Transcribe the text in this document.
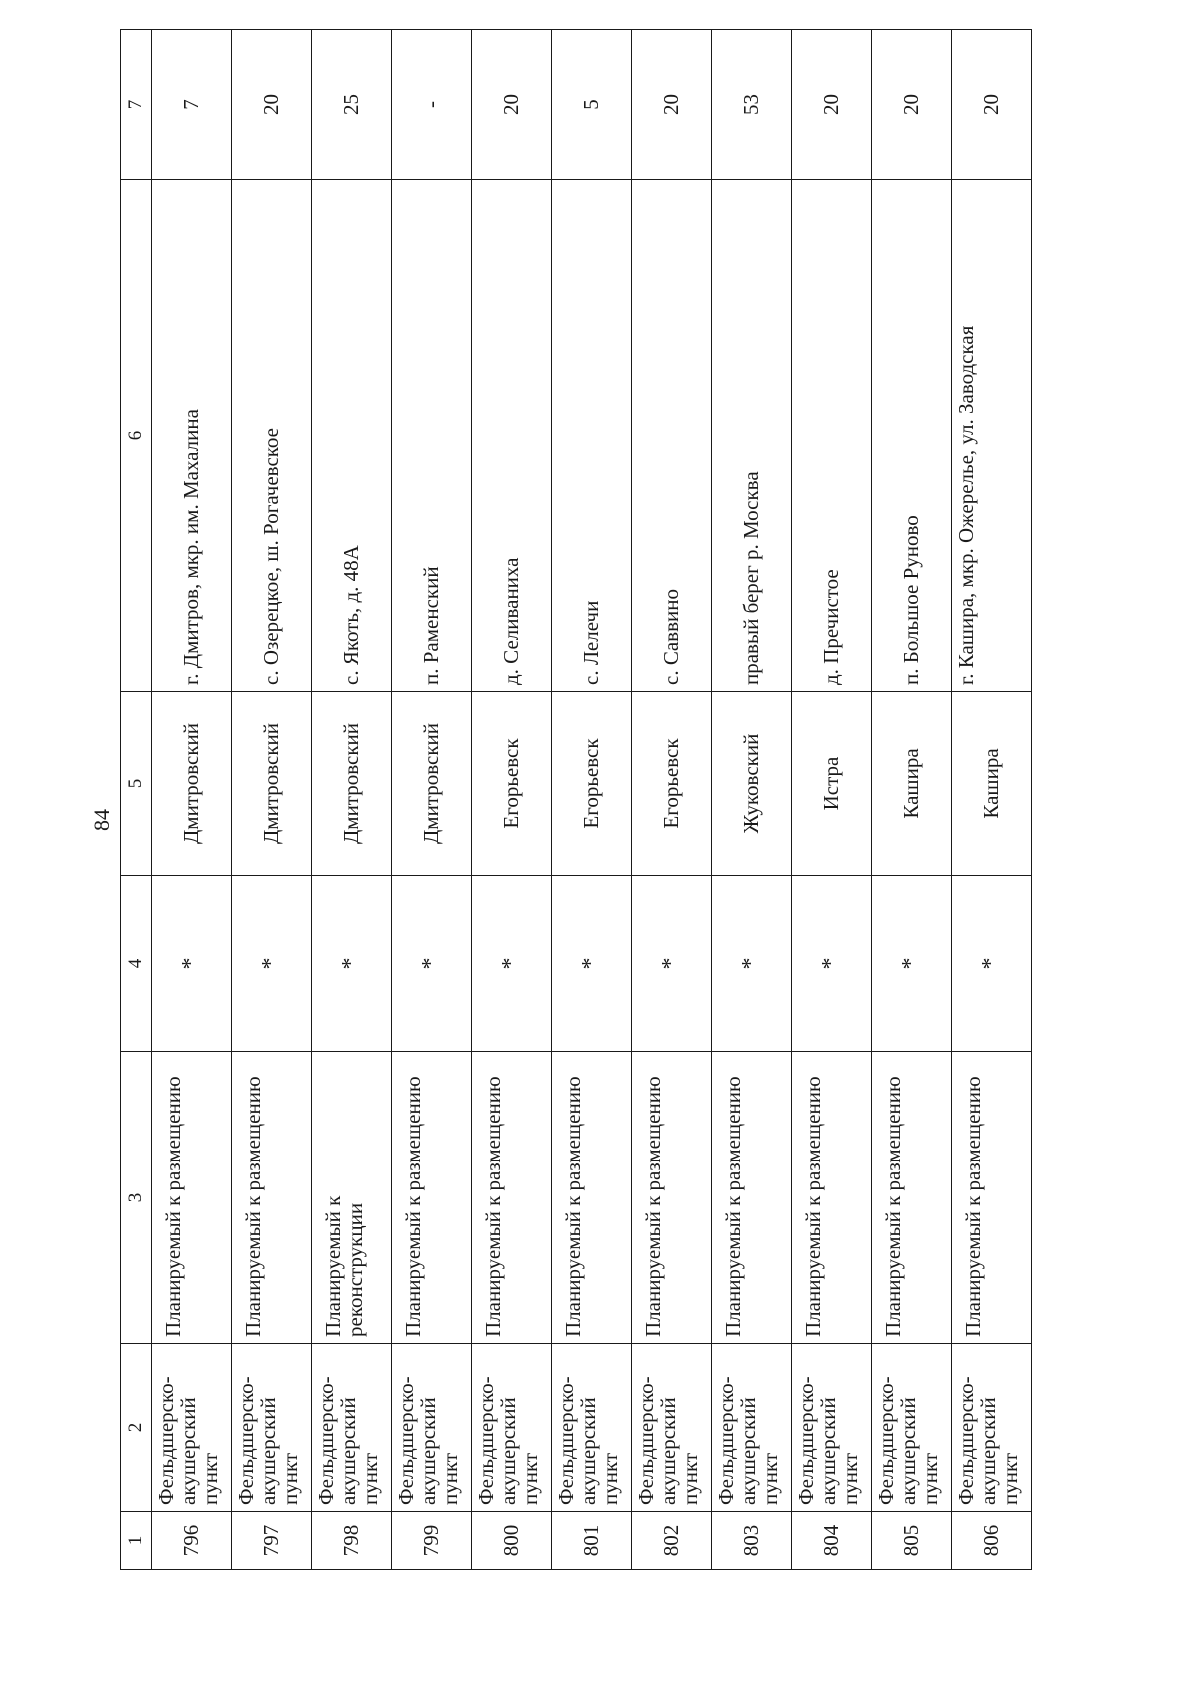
84
1	2	3	4	5	6	7
796	Фельдшерско-акушерский пункт	Планируемый к размещению	*	Дмитровский	г. Дмитров, мкр. им. Махалина	7
797	Фельдшерско-акушерский пункт	Планируемый к размещению	*	Дмитровский	с. Озерецкое, ш. Рогачевское	20
798	Фельдшерско-акушерский пункт	Планируемый к реконструкции	*	Дмитровский	с. Якоть, д. 48А	25
799	Фельдшерско-акушерский пункт	Планируемый к размещению	*	Дмитровский	п. Раменский	-
800	Фельдшерско-акушерский пункт	Планируемый к размещению	*	Егорьевск	д. Селиваниха	20
801	Фельдшерско-акушерский пункт	Планируемый к размещению	*	Егорьевск	с. Лелечи	5
802	Фельдшерско-акушерский пункт	Планируемый к размещению	*	Егорьевск	с. Саввино	20
803	Фельдшерско-акушерский пункт	Планируемый к размещению	*	Жуковский	правый берег р. Москва	53
804	Фельдшерско-акушерский пункт	Планируемый к размещению	*	Истра	д. Пречистое	20
805	Фельдшерско-акушерский пункт	Планируемый к размещению	*	Кашира	п. Большое Руново	20
806	Фельдшерско-акушерский пункт	Планируемый к размещению	*	Кашира	г. Кашира, мкр. Ожерелье, ул. Заводская	20
